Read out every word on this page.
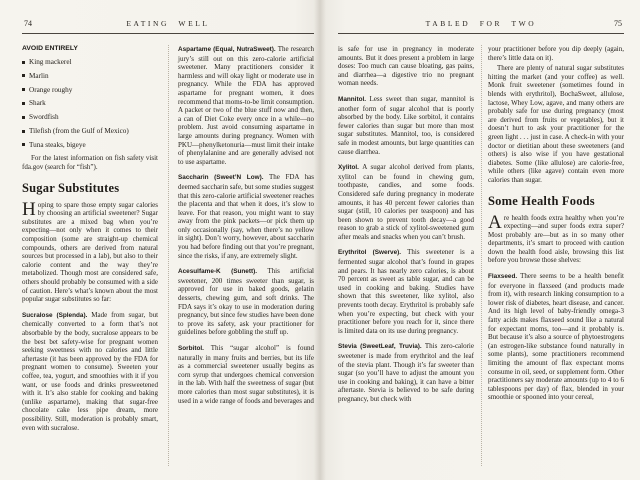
74	EATING WELL
AVOID ENTIRELY
King mackerel
Marlin
Orange roughy
Shark
Swordfish
Tilefish (from the Gulf of Mexico)
Tuna steaks, bigeye

For the latest information on fish safety visit fda.gov (search for “fish”).

Sugar Substitutes

Hoping to spare those empty sugar calories by choosing an artificial sweetener? Sugar substitutes are a mixed bag when you’re expecting—not only when it comes to their composition (some are straight-up chemical compounds, others are derived from natural sources but processed in a lab), but also to their calorie content and the way they’re metabolized. Though most are considered safe, others should probably be consumed with a side of caution. Here’s what’s known about the most popular sugar substitutes so far:

Sucralose (Splenda). Made from sugar, but chemically converted to a form that’s not absorbable by the body, sucralose appears to be the best bet safety-wise for pregnant women seeking sweetness with no calories and little aftertaste (it has been approved by the FDA for pregnant women to consume). Sweeten your coffee, tea, yogurt, and smoothies with it if you want, or use foods and drinks presweetened with it. It’s also stable for cooking and baking (unlike aspartame), making that sugar-free chocolate cake less pipe dream, more possibility. Still, moderation is probably smart, even with sucralose.

Aspartame (Equal, NutraSweet). The research jury’s still out on this zero-calorie artificial sweetener. Many practitioners consider it harmless and will okay light or moderate use in pregnancy. While the FDA has approved aspartame for pregnant women, it does recommend that moms-to-be limit consumption. A packet or two of the blue stuff now and then, a can of Diet Coke every once in a while—no problem. Just avoid consuming aspartame in large amounts during pregnancy. Women with PKU—phenylketonuria—must limit their intake of phenylalanine and are generally advised not to use aspartame.

Saccharin (Sweet’N Low). The FDA has deemed saccharin safe, but some studies suggest that this zero-calorie artificial sweetener reaches the placenta and that when it does, it’s slow to leave. For that reason, you might want to stay away from the pink packets—or pick them up only occasionally (say, when there’s no yellow in sight). Don’t worry, however, about saccharin you had before finding out that you’re pregnant, since the risks, if any, are extremely slight.

Acesulfame-K (Sunett). This artificial sweetener, 200 times sweeter than sugar, is approved for use in baked goods, gelatin desserts, chewing gum, and soft drinks. The FDA says it’s okay to use in moderation during pregnancy, but since few studies have been done to prove its safety, ask your practitioner for guidelines before gobbling the stuff up.

Sorbitol. This “sugar alcohol” is found naturally in many fruits and berries, but its life as a commercial sweetener usually begins as corn syrup that undergoes chemical conversion in the lab. With half the sweetness of sugar (but more calories than most sugar substitutes), it is used in a wide range of foods and beverages and

TABLED FOR TWO	75

is safe for use in pregnancy in moderate amounts. But it does present a problem in large doses: Too much can cause bloating, gas pains, and diarrhea—a digestive trio no pregnant woman needs.

Mannitol. Less sweet than sugar, mannitol is another form of sugar alcohol that is poorly absorbed by the body. Like sorbitol, it contains fewer calories than sugar but more than most sugar substitutes. Mannitol, too, is considered safe in modest amounts, but large quantities can cause diarrhea.

Xylitol. A sugar alcohol derived from plants, xylitol can be found in chewing gum, toothpaste, candies, and some foods. Considered safe during pregnancy in moderate amounts, it has 40 percent fewer calories than sugar (still, 10 calories per teaspoon) and has been shown to prevent tooth decay—a good reason to grab a stick of xylitol-sweetened gum after meals and snacks when you can’t brush.

Erythritol (Swerve). This sweetener is a fermented sugar alcohol that’s found in grapes and pears. It has nearly zero calories, is about 70 percent as sweet as table sugar, and can be used in cooking and baking. Studies have shown that this sweetener, like xylitol, also prevents tooth decay. Erythritol is probably safe when you’re expecting, but check with your practitioner before you reach for it, since there is limited data on its use during pregnancy.

Stevia (SweetLeaf, Truvia). This zero-calorie sweetener is made from erythritol and the leaf of the stevia plant. Though it’s far sweeter than sugar (so you’ll have to adjust the amount you use in cooking and baking), it can have a bitter aftertaste. Stevia is believed to be safe during pregnancy, but check with

your practitioner before you dip deeply (again, there’s little data on it).

There are plenty of natural sugar substitutes hitting the market (and your coffee) as well. Monk fruit sweetener (sometimes found in blends with erythritol), BochaSweet, allulose, lactose, Whey Low, agave, and many others are probably safe for use during pregnancy (most are derived from fruits or vegetables), but it doesn’t hurt to ask your practitioner for the green light . . . just in case. A check-in with your doctor or dietitian about these sweeteners (and others) is also wise if you have gestational diabetes. Some (like allulose) are calorie-free, while others (like agave) contain even more calories than sugar.

Some Health Foods

Are health foods extra healthy when you’re expecting—and super foods extra super? Most probably are—but as in so many other departments, it’s smart to proceed with caution down the health food aisle, browsing this list before you browse those shelves:

Flaxseed. There seems to be a health benefit for everyone in flaxseed (and products made from it), with research linking consumption to a lower risk of diabetes, heart disease, and cancer. And its high level of baby-friendly omega-3 fatty acids makes flaxseed sound like a natural for expectant moms, too—and it probably is. But because it’s also a source of phytoestrogens (an estrogen-like substance found naturally in some plants), some practitioners recommend limiting the amount of flax expectant moms consume in oil, seed, or supplement form. Other practitioners say moderate amounts (up to 4 to 6 tablespoons per day) of flax, blended in your smoothie or spooned into your cereal,
